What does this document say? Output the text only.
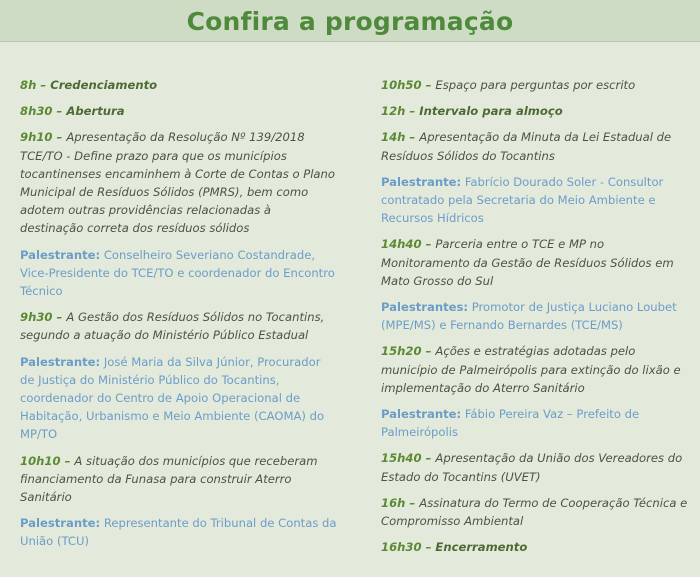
Confira a programação
8h – Credenciamento
8h30 – Abertura
9h10 – Apresentação da Resolução Nº 139/2018 TCE/TO - Define prazo para que os municípios tocantinenses encaminhem à Corte de Contas o Plano Municipal de Resíduos Sólidos (PMRS), bem como adotem outras providências relacionadas à destinação correta dos resíduos sólidos
Palestrante: Conselheiro Severiano Costandrade, Vice-Presidente do TCE/TO e coordenador do Encontro Técnico
9h30 – A Gestão dos Resíduos Sólidos no Tocantins, segundo a atuação do Ministério Público Estadual
Palestrante: José Maria da Silva Júnior, Procurador de Justiça do Ministério Público do Tocantins, coordenador do Centro de Apoio Operacional de Habitação, Urbanismo e Meio Ambiente (CAOMA) do MP/TO
10h10 – A situação dos municípios que receberam financiamento da Funasa para construir Aterro Sanitário
Palestrante: Representante do Tribunal de Contas da União (TCU)
10h50 – Espaço para perguntas por escrito
12h – Intervalo para almoço
14h – Apresentação da Minuta da Lei Estadual de Resíduos Sólidos do Tocantins
Palestrante: Fabrício Dourado Soler - Consultor contratado pela Secretaria do Meio Ambiente e Recursos Hídricos
14h40 – Parceria entre o TCE e MP no Monitoramento da Gestão de Resíduos Sólidos em Mato Grosso do Sul
Palestrantes: Promotor de Justiça Luciano Loubet (MPE/MS) e Fernando Bernardes (TCE/MS)
15h20 – Ações e estratégias adotadas pelo município de Palmeirópolis para extinção do lixão e implementação do Aterro Sanitário
Palestrante: Fábio Pereira Vaz – Prefeito de Palmeirópolis
15h40 – Apresentação da União dos Vereadores do Estado do Tocantins (UVET)
16h – Assinatura do Termo de Cooperação Técnica e Compromisso Ambiental
16h30 – Encerramento
